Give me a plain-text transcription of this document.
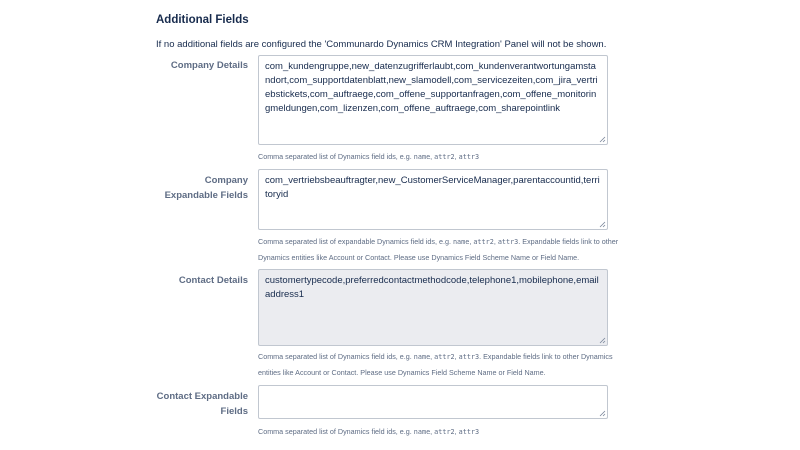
Additional Fields
If no additional fields are configured the 'Communardo Dynamics CRM Integration' Panel will not be shown.
Company Details	com_kundengruppe,new_datenzugrifferlaubt,com_kundenverantwortungamstandort,com_supportdatenblatt,new_slamodell,com_servicezeiten,com_jira_vertriebstickets,com_auftraege,com_offene_supportanfragen,com_offene_monitoringmeldungen,com_lizenzen,com_offene_auftraege,com_sharepointlink
Comma separated list of Dynamics field ids, e.g. name, attr2, attr3
Company
Expandable Fields
com_vertriebsbeauftragter,new_CustomerServiceManager,parentaccountid,territoryid
Comma separated list of expandable Dynamics field ids, e.g. name, attr2, attr3. Expandable fields link to other
Dynamics entities like Account or Contact. Please use Dynamics Field Scheme Name or Field Name.
Contact Details	customertypecode,preferredcontactmethodcode,telephone1,mobilephone,emailaddress1
Comma separated list of Dynamics field ids, e.g. name, attr2, attr3. Expandable fields link to other Dynamics
entities like Account or Contact. Please use Dynamics Field Scheme Name or Field Name.
Contact Expandable
Fields
Comma separated list of Dynamics field ids, e.g. name, attr2, attr3
